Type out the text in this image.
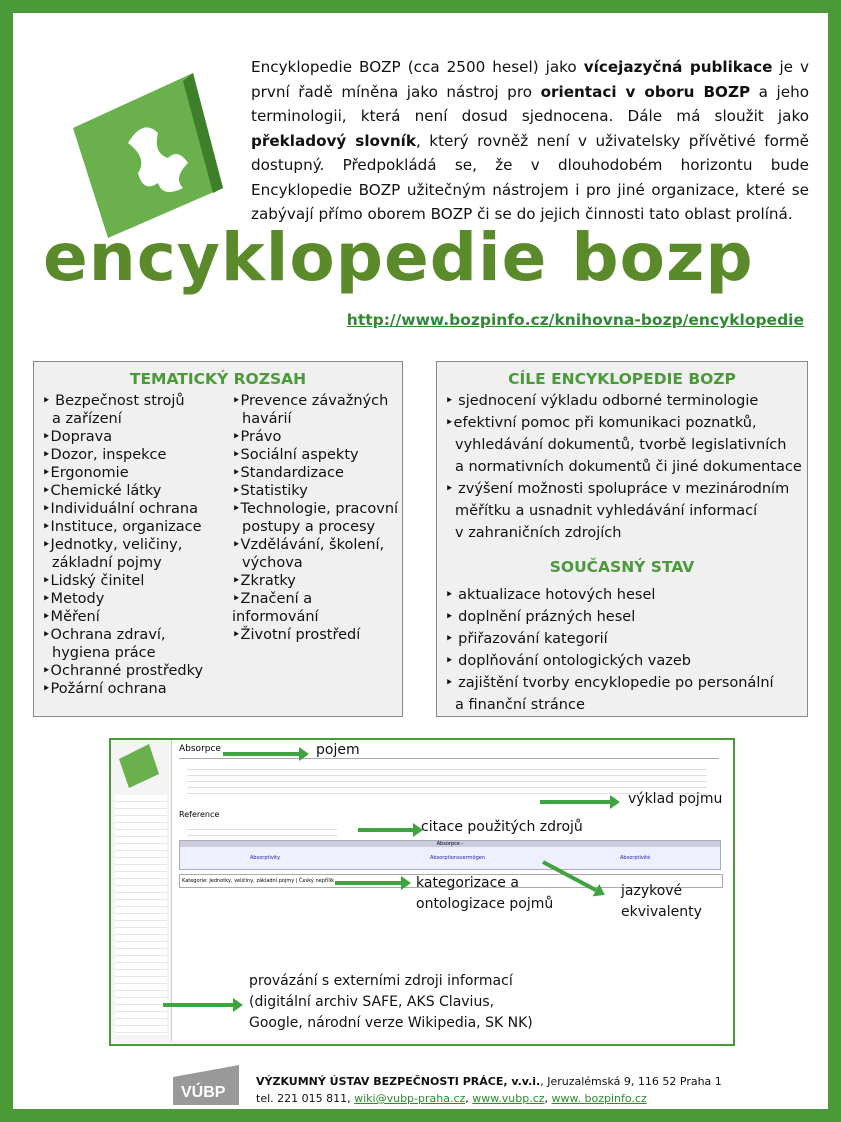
Encyklopedie BOZP (cca 2500 hesel) jako vícejazyčná publikace je v první řadě míněna jako nástroj pro orientaci v oboru BOZP a jeho terminologii, která není dosud sjednocena. Dále má sloužit jako překladový slovník, který rovněž není v uživatelsky přívětivé formě dostupný. Předpokládá se, že v dlouhodobém horizontu bude Encyklopedie BOZP užitečným nástrojem i pro jiné organizace, které se zabývají přímo oborem BOZP či se do jejich činnosti tato oblast prolíná.
encyklopedie bozp
http://www.bozpinfo.cz/knihovna-bozp/encyklopedie
TEMATICKÝ ROZSAH
‣ Bezpečnost strojů
a zařízení
‣Doprava
‣Dozor, inspekce
‣Ergonomie
‣Chemické látky
‣Individuální ochrana
‣Instituce, organizace
‣Jednotky, veličiny,
základní pojmy
‣Lidský činitel
‣Metody
‣Měření
‣Ochrana zdraví,
hygiena práce
‣Ochranné prostředky
‣Požární ochrana
‣Prevence závažných
havárií
‣Právo
‣Sociální aspekty
‣Standardizace
‣Statistiky
‣Technologie, pracovní
postupy a procesy
‣Vzdělávání, školení,
výchova
‣Zkratky
‣Značení a informování
‣Životní prostředí
CÍLE ENCYKLOPEDIE BOZP
‣ sjednocení výkladu odborné terminologie
‣efektivní pomoc při komunikaci poznatků,
vyhledávání dokumentů, tvorbě legislativních
a normativních dokumentů či jiné dokumentace
‣ zvýšení možnosti spolupráce v mezinárodním
měřítku a usnadnit vyhledávání informací
v zahraničních zdrojích
SOUČASNÝ STAV
‣ aktualizace hotových hesel
‣ doplnění prázných hesel
‣ přiřazování kategorií
‣ doplňování ontologických vazeb
‣ zajištění tvorby encyklopedie po personální
a finanční stránce
Absorpce
Reference
Absorpce -
Absorptivity	Absorptionsvermögen	Absorptivité
Kategorie: Jednotky, veličiny, základní pojmy | Český nepřílik
pojem
výklad pojmu
citace použitých zdrojů
kategorizace a
ontologizace pojmů
jazykové
ekvivalenty
provázání s externími zdroji informací
(digitální archiv SAFE, AKS Clavius,
Google, národní verze Wikipedia, SK NK)
VÚBP
VÝZKUMNÝ ÚSTAV BEZPEČNOSTI PRÁCE, v.v.i., Jeruzalémská 9, 116 52 Praha 1
tel. 221 015 811, wiki@vubp-praha.cz, www.vubp.cz, www. bozpinfo.cz
